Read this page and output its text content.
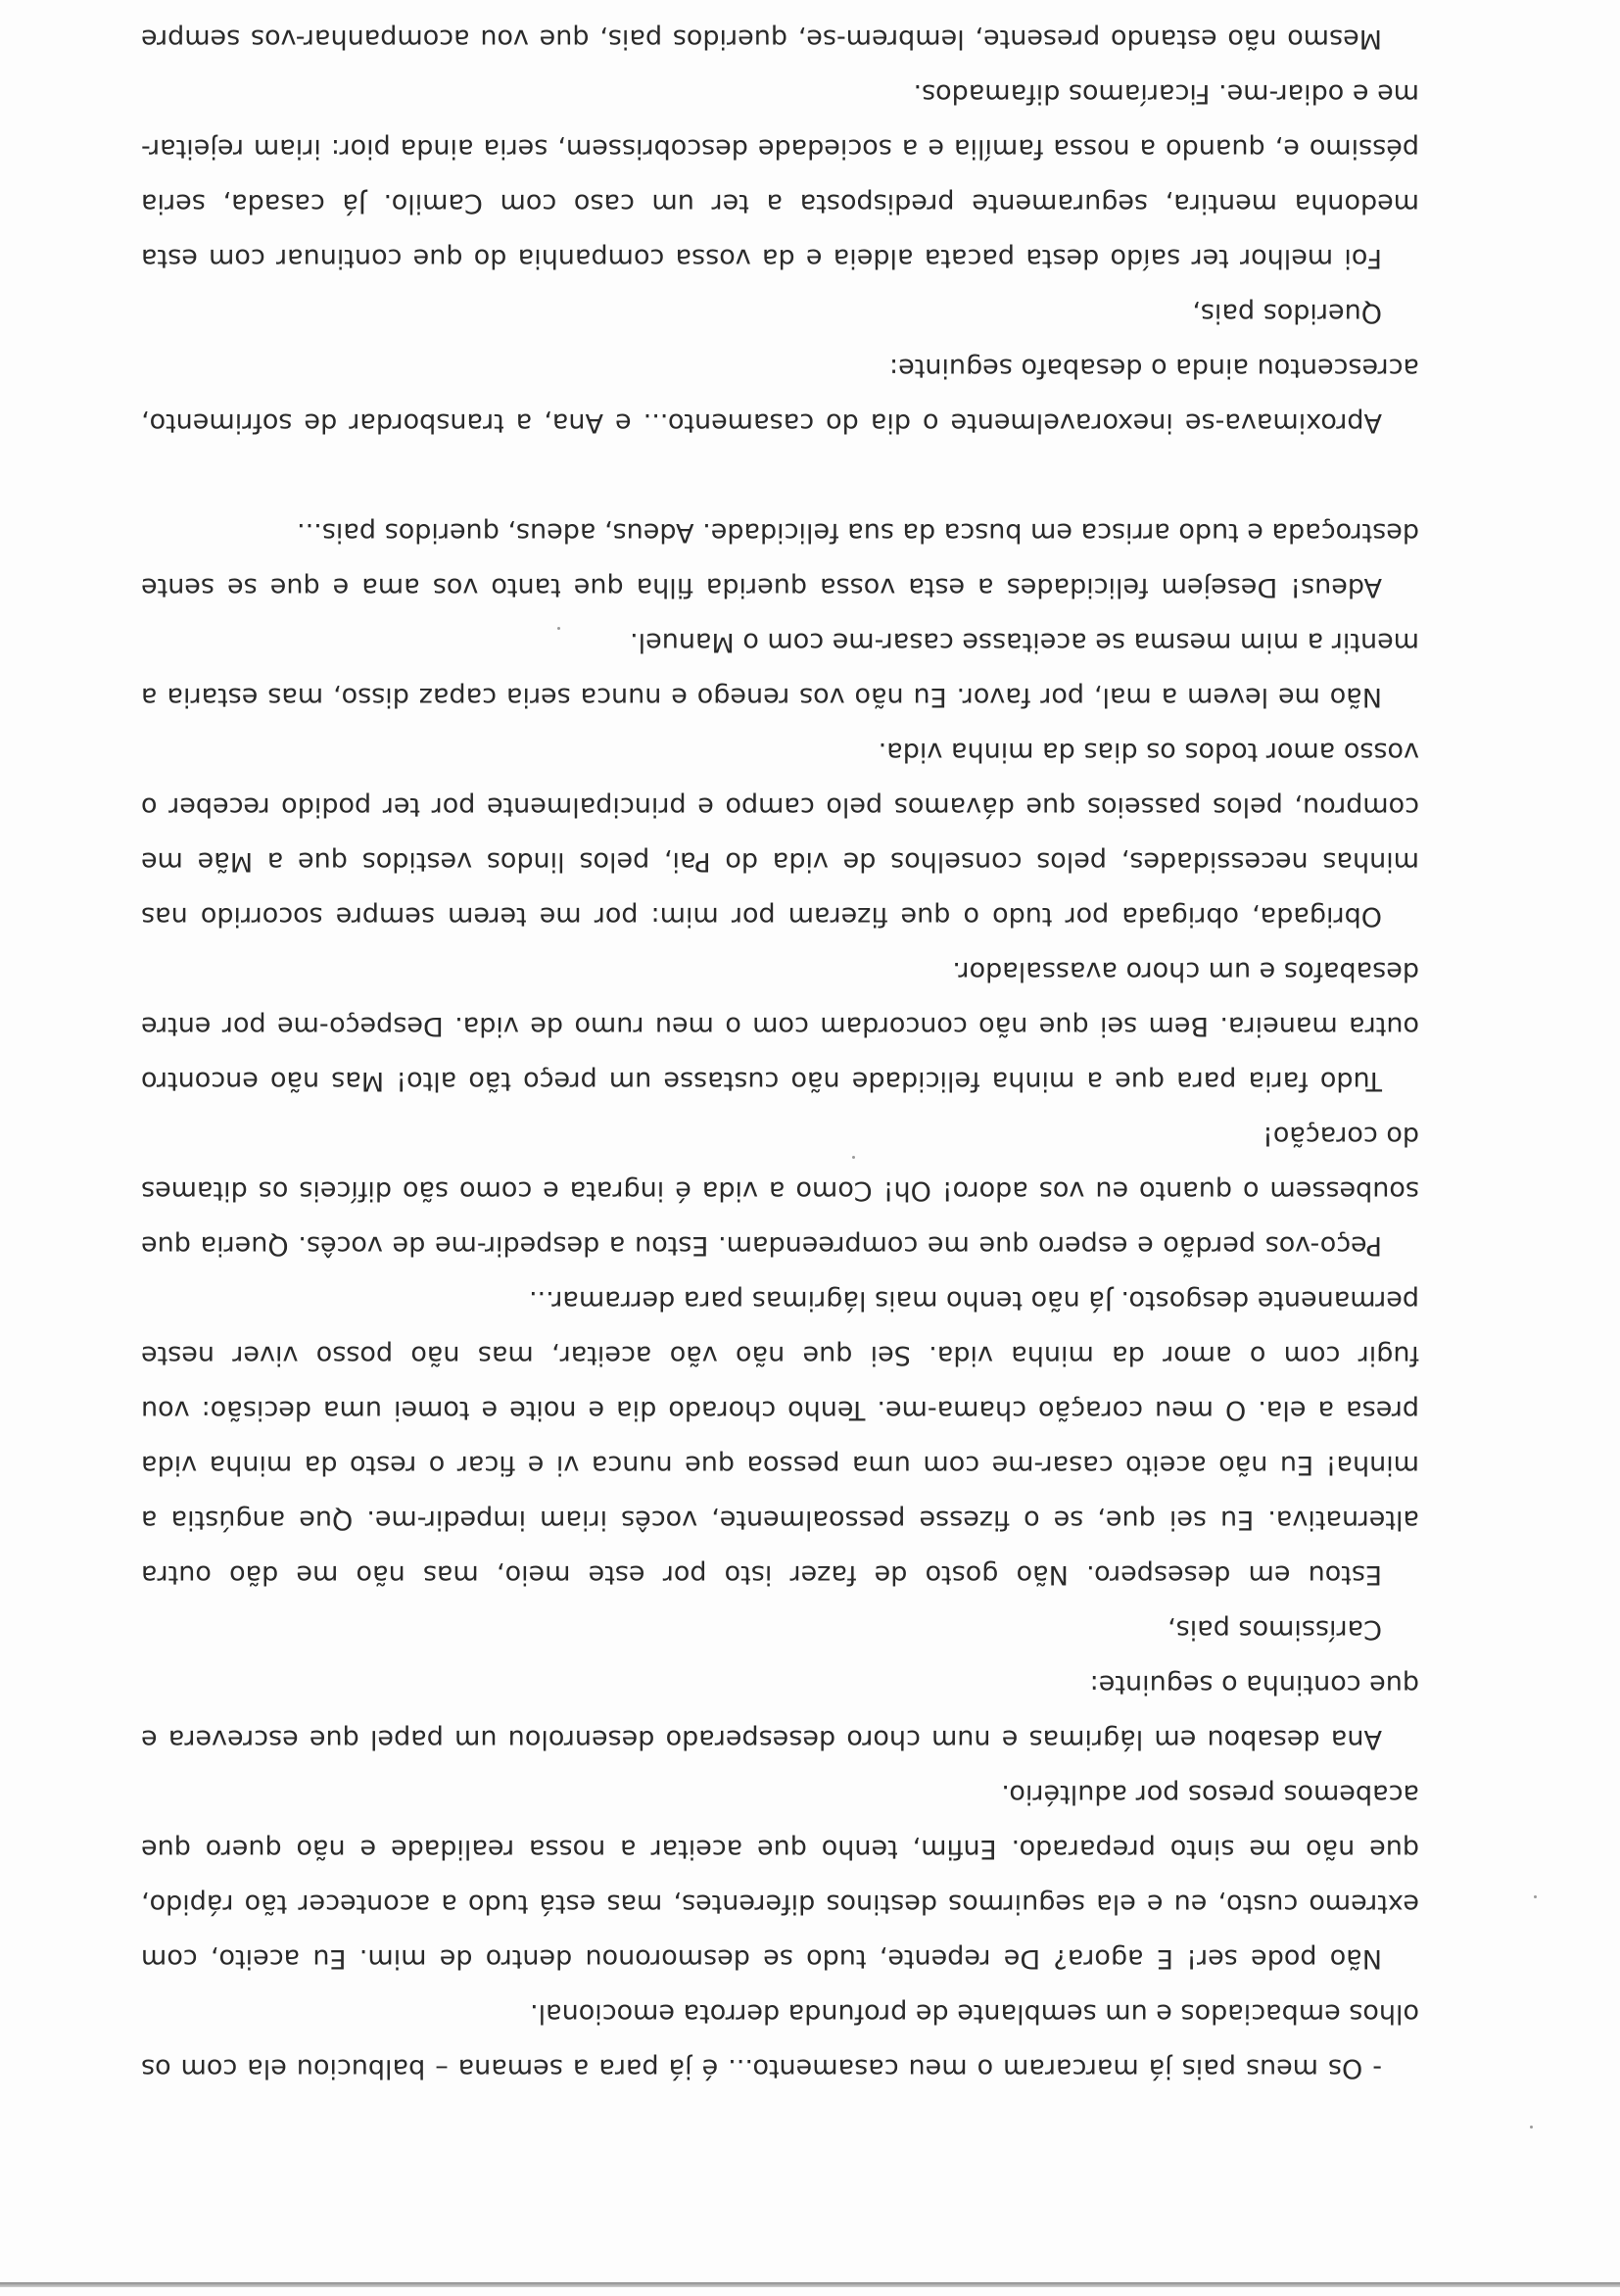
- Os meus pais já marcaram o meu casamento... é já para a semana – balbuciou ela com os olhos embaciados e um semblante de profunda derrota emocional.

Não pode ser! E agora? De repente, tudo se desmoronou dentro de mim. Eu aceito, com extremo custo, eu e ela seguirmos destinos diferentes, mas está tudo a acontecer tão rápido, que não me sinto preparado. Enfim, tenho que aceitar a nossa realidade e não quero que acabemos presos por adultério.

Ana desabou em lágrimas e num choro desesperado desenrolou um papel que escrevera e que continha o seguinte:

Caríssimos pais,

Estou em desespero. Não gosto de fazer isto por este meio, mas não me dão outra alternativa. Eu sei que, se o fizesse pessoalmente, vocês iriam impedir-me. Que angústia a minha! Eu não aceito casar-me com uma pessoa que nunca vi e ficar o resto da minha vida presa a ela. O meu coração chama-me. Tenho chorado dia e noite e tomei uma decisão: vou fugir com o amor da minha vida. Sei que não vão aceitar, mas não posso viver neste permanente desgosto. Já não tenho mais lágrimas para derramar...

Peço-vos perdão e espero que me compreendam. Estou a despedir-me de vocês. Queria que soubessem o quanto eu vos adoro! Oh! Como a vida é ingrata e como são difíceis os ditames do coração!

Tudo faria para que a minha felicidade não custasse um preço tão alto! Mas não encontro outra maneira. Bem sei que não concordam com o meu rumo de vida. Despeço-me por entre desabafos e um choro avassalador.

Obrigada, obrigada por tudo o que fizeram por mim: por me terem sempre socorrido nas minhas necessidades, pelos conselhos de vida do Pai, pelos lindos vestidos que a Mãe me comprou, pelos passeios que dávamos pelo campo e principalmente por ter podido receber o vosso amor todos os dias da minha vida.

Não me levem a mal, por favor. Eu não vos renego e nunca seria capaz disso, mas estaria a mentir a mim mesma se aceitasse casar-me com o Manuel.

Adeus! Desejem felicidades a esta vossa querida filha que tanto vos ama e que se sente destroçada e tudo arrisca em busca da sua felicidade. Adeus, adeus, queridos pais...

Aproximava-se inexoravelmente o dia do casamento... e Ana, a transbordar de sofrimento, acrescentou ainda o desabafo seguinte:

Queridos pais,

Foi melhor ter saído desta pacata aldeia e da vossa companhia do que continuar com esta medonha mentira, seguramente predisposta a ter um caso com Camilo. Já casada, seria péssimo e, quando a nossa família e a sociedade descobrissem, seria ainda pior: iriam rejeitar-me e odiar-me. Ficaríamos difamados.

Mesmo não estando presente, lembrem-se, queridos pais, que vou acompanhar-vos sempre
